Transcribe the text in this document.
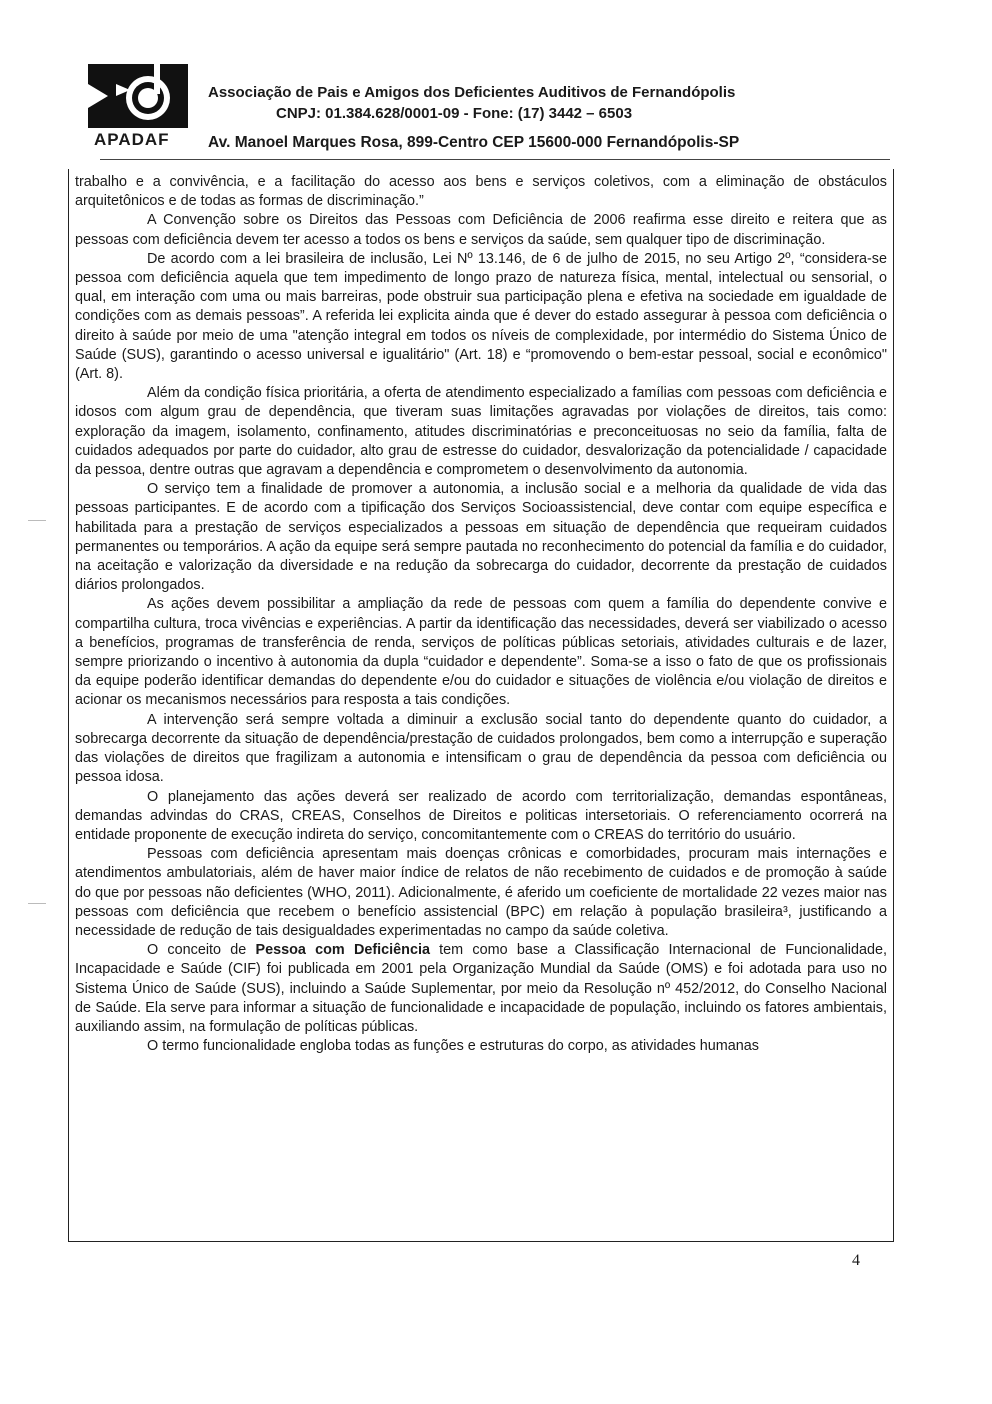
APADAF
Associação de Pais e Amigos dos Deficientes Auditivos de Fernandópolis
CNPJ: 01.384.628/0001-09 - Fone: (17) 3442 – 6503
Av. Manoel Marques Rosa, 899-Centro CEP 15600-000 Fernandópolis-SP

trabalho e a convivência, e a facilitação do acesso aos bens e serviços coletivos, com a eliminação de obstáculos arquitetônicos e de todas as formas de discriminação.”

A Convenção sobre os Direitos das Pessoas com Deficiência de 2006 reafirma esse direito e reitera que as pessoas com deficiência devem ter acesso a todos os bens e serviços da saúde, sem qualquer tipo de discriminação.

De acordo com a lei brasileira de inclusão, Lei Nº 13.146, de 6 de julho de 2015, no seu Artigo 2º, “considera-se pessoa com deficiência aquela que tem impedimento de longo prazo de natureza física, mental, intelectual ou sensorial, o qual, em interação com uma ou mais barreiras, pode obstruir sua participação plena e efetiva na sociedade em igualdade de condições com as demais pessoas”. A referida lei explicita ainda que é dever do estado assegurar à pessoa com deficiência o direito à saúde por meio de uma "atenção integral em todos os níveis de complexidade, por intermédio do Sistema Único de Saúde (SUS), garantindo o acesso universal e igualitário" (Art. 18) e “promovendo o bem-estar pessoal, social e econômico" (Art. 8).

Além da condição física prioritária, a oferta de atendimento especializado a famílias com pessoas com deficiência e idosos com algum grau de dependência, que tiveram suas limitações agravadas por violações de direitos, tais como: exploração da imagem, isolamento, confinamento, atitudes discriminatórias e preconceituosas no seio da família, falta de cuidados adequados por parte do cuidador, alto grau de estresse do cuidador, desvalorização da potencialidade / capacidade da pessoa, dentre outras que agravam a dependência e comprometem o desenvolvimento da autonomia.

O serviço tem a finalidade de promover a autonomia, a inclusão social e a melhoria da qualidade de vida das pessoas participantes. E de acordo com a tipificação dos Serviços Socioassistencial, deve contar com equipe específica e habilitada para a prestação de serviços especializados a pessoas em situação de dependência que requeiram cuidados permanentes ou temporários. A ação da equipe será sempre pautada no reconhecimento do potencial da família e do cuidador, na aceitação e valorização da diversidade e na redução da sobrecarga do cuidador, decorrente da prestação de cuidados diários prolongados.

As ações devem possibilitar a ampliação da rede de pessoas com quem a família do dependente convive e compartilha cultura, troca vivências e experiências. A partir da identificação das necessidades, deverá ser viabilizado o acesso a benefícios, programas de transferência de renda, serviços de políticas públicas setoriais, atividades culturais e de lazer, sempre priorizando o incentivo à autonomia da dupla “cuidador e dependente”. Soma-se a isso o fato de que os profissionais da equipe poderão identificar demandas do dependente e/ou do cuidador e situações de violência e/ou violação de direitos e acionar os mecanismos necessários para resposta a tais condições.

A intervenção será sempre voltada a diminuir a exclusão social tanto do dependente quanto do cuidador, a sobrecarga decorrente da situação de dependência/prestação de cuidados prolongados, bem como a interrupção e superação das violações de direitos que fragilizam a autonomia e intensificam o grau de dependência da pessoa com deficiência ou pessoa idosa.

O planejamento das ações deverá ser realizado de acordo com territorialização, demandas espontâneas, demandas advindas do CRAS, CREAS, Conselhos de Direitos e politicas intersetoriais. O referenciamento ocorrerá na entidade proponente de execução indireta do serviço, concomitantemente com o CREAS do território do usuário.

Pessoas com deficiência apresentam mais doenças crônicas e comorbidades, procuram mais internações e atendimentos ambulatoriais, além de haver maior índice de relatos de não recebimento de cuidados e de promoção à saúde do que por pessoas não deficientes (WHO, 2011). Adicionalmente, é aferido um coeficiente de mortalidade 22 vezes maior nas pessoas com deficiência que recebem o benefício assistencial (BPC) em relação à população brasileira³, justificando a necessidade de redução de tais desigualdades experimentadas no campo da saúde coletiva.

O conceito de Pessoa com Deficiência tem como base a Classificação Internacional de Funcionalidade, Incapacidade e Saúde (CIF) foi publicada em 2001 pela Organização Mundial da Saúde (OMS) e foi adotada para uso no Sistema Único de Saúde (SUS), incluindo a Saúde Suplementar, por meio da Resolução nº 452/2012, do Conselho Nacional de Saúde. Ela serve para informar a situação de funcionalidade e incapacidade de população, incluindo os fatores ambientais, auxiliando assim, na formulação de políticas públicas.

O termo funcionalidade engloba todas as funções e estruturas do corpo, as atividades humanas

4
